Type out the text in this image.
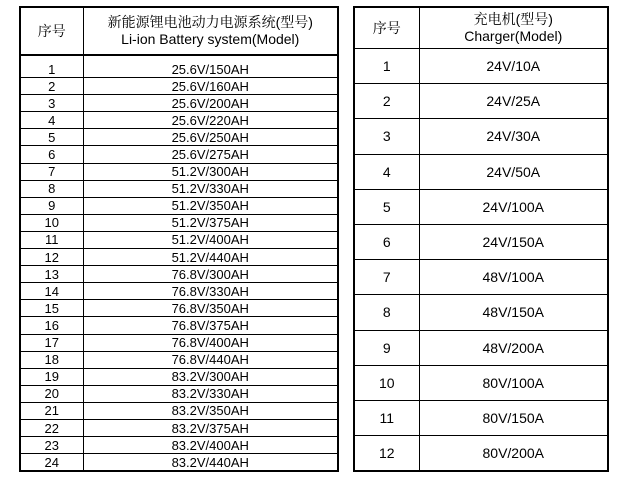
序号	新能源锂电池动力电源系统(型号)
Li-ion Battery system(Model)

1	25.6V/150AH
2	25.6V/160AH
3	25.6V/200AH
4	25.6V/220AH
5	25.6V/250AH
6	25.6V/275AH
7	51.2V/300AH
8	51.2V/330AH
9	51.2V/350AH
10	51.2V/375AH
11	51.2V/400AH
12	51.2V/440AH
13	76.8V/300AH
14	76.8V/330AH
15	76.8V/350AH
16	76.8V/375AH
17	76.8V/400AH
18	76.8V/440AH
19	83.2V/300AH
20	83.2V/330AH
21	83.2V/350AH
22	83.2V/375AH
23	83.2V/400AH
24	83.2V/440AH
序号	充电机(型号)
Charger(Model)

1	24V/10A
2	24V/25A
3	24V/30A
4	24V/50A
5	24V/100A
6	24V/150A
7	48V/100A
8	48V/150A
9	48V/200A
10	80V/100A
11	80V/150A
12	80V/200A
